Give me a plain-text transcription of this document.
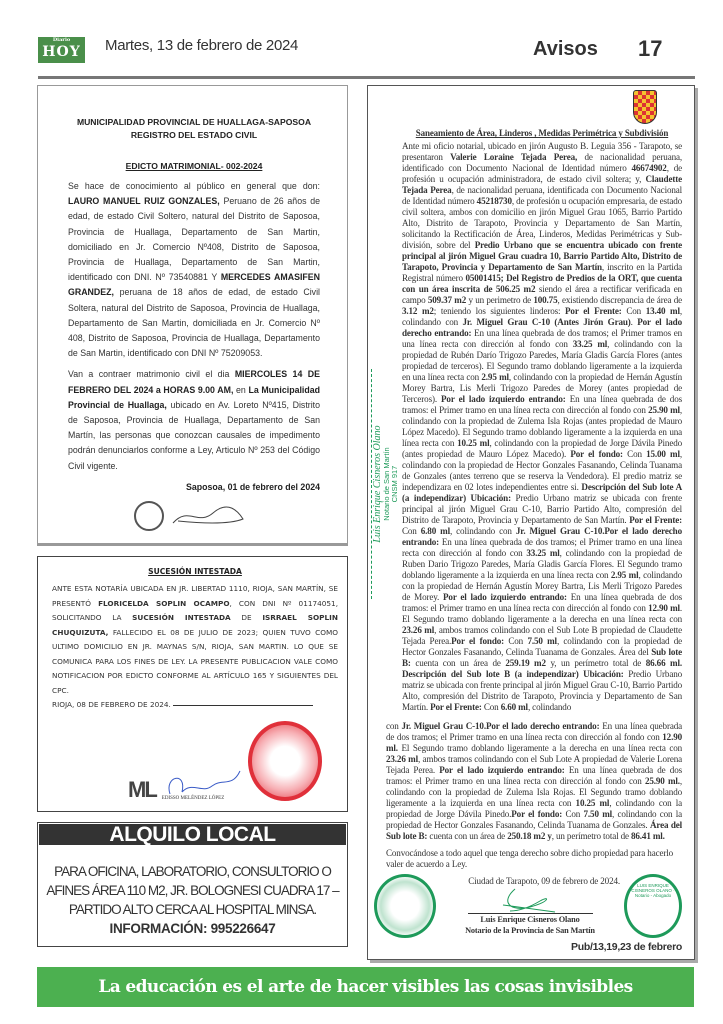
Diario
HOY Martes, 13 de febrero de 2024	Avisos 17
MUNICIPALIDAD PROVINCIAL DE HUALLAGA-SAPOSOA
REGISTRO DEL ESTADO CIVIL
EDICTO MATRIMONIAL- 002-2024
Se hace de conocimiento al público en general que don: LAURO MANUEL RUIZ GONZALES, Peruano de 26 años de edad, de estado Civil Soltero, natural del Distrito de Saposoa, Provincia de Huallaga, Departamento de San Martin, domiciliado en Jr. Comercio Nº408, Distrito de Saposoa, Provincia de Huallaga, Departamento de San Martin, identificado con DNI. Nº 73540881 Y MERCEDES AMASIFEN GRANDEZ, peruana de 18 años de edad, de estado Civil Soltera, natural del Distrito de Saposoa, Provincia de Huallaga, Departamento de San Martin, domiciliada en Jr. Comercio Nº 408, Distrito de Saposoa, Provincia de Huallaga, Departamento de San Martin, identificado con DNI Nº 75209053.
Van a contraer matrimonio civil el dia MIERCOLES 14 DE FEBRERO DEL 2024 a HORAS 9.00 AM, en La Municipalidad Provincial de Huallaga, ubicado en Av. Loreto Nº415, Distrito de Saposoa, Provincia de Huallaga, Departamento de San Martín, las personas que conozcan causales de impedimento podrán denunciarlos conforme a Ley, Articulo Nº 253 del Código Civil vigente.
Saposoa, 01 de febrero del 2024
SUCESIÓN INTESTADA
ANTE ESTA NOTARÍA UBICADA EN JR. LIBERTAD 1110, RIOJA, SAN MARTÍN, SE PRESENTÓ FLORICELDA SOPLIN OCAMPO, CON DNI Nº 01174051, SOLICITANDO LA SUCESIÓN INTESTADA DE ISRRAEL SOPLIN CHUQUIZUTA, FALLECIDO EL 08 DE JULIO DE 2023; QUIEN TUVO COMO ULTIMO DOMICILIO EN JR. MAYNAS S/N, RIOJA, SAN MARTIN. LO QUE SE COMUNICA PARA LOS FINES DE LEY. LA PRESENTE PUBLICACION VALE COMO NOTIFICACION POR EDICTO CONFORME AL ARTÍCULO 165 Y SIGUIENTES DEL CPC.
RIOJA, 08 DE FEBRERO DE 2024.
ML EDISSO MELÉNDEZ LÓPEZ
ALQUILO LOCAL
PARA OFICINA, LABORATORIO, CONSULTORIO O
AFINES ÁREA 110 M2, JR. BOLOGNESI CUADRA 17 –
PARTIDO ALTO CERCA AL HOSPITAL MINSA.
INFORMACIÓN: 995226647
Saneamiento de Área, Linderos , Medidas Perimétrica y Subdivisión
Luis Enrique Cisneros Olano Notario de San Martín CNSM 917
Ante mi oficio notarial, ubicado en jirón Augusto B. Leguia 356 - Tarapoto, se presentaron Valerie Loraine Tejada Perea, de nacionalidad peruana, identificado con Documento Nacional de Identidad número 46674902, de profesión u ocupación administradora, de estado civil soltera; y, Claudette Tejada Perea, de nacionalidad peruana, identificada con Documento Nacional de Identidad número 45218730, de profesión u ocupación empresaria, de estado civil soltera, ambos con domicilio en jirón Miguel Grau 1065, Barrio Partido Alto, Distrito de Tarapoto, Provincia y Departamento de San Martín, solicitando la Rectificación de Área, Linderos, Medidas Perimétricas y Sub-división, sobre del Predio Urbano que se encuentra ubicado con frente principal al jirón Miguel Grau cuadra 10, Barrio Partido Alto, Distrito de Tarapoto, Provincia y Departamento de San Martín, inscrito en la Partida Registral número 05001415; Del Registro de Predios de la ORT, que cuenta con un área inscrita de 506.25 m2 siendo el área a rectificar verificada en campo 509.37 m2 y un perimetro de 100.75, existiendo discrepancia de área de 3.12 m2; teniendo los siguientes linderos: Por el Frente: Con 13.40 ml, colindando con Jr. Miguel Grau C-10 (Antes Jirón Grau). Por el lado derecho entrando: En una línea quebrada de dos tramos; el Primer tramos en una línea recta con dirección al fondo con 33.25 ml, colindando con la propiedad de Rubén Darío Trigozo Paredes, María Gladis García Flores (antes propiedad de terceros). El Segundo tramo doblando ligeramente a la izquierda en una línea recta con 2.95 ml, colindando con la propiedad de Hernán Agustín Morey Bartra, Lis Merli Trigozo Paredes de Morey (antes propiedad de Terceros). Por el lado izquierdo entrando: En una línea quebrada de dos tramos: el Primer tramo en una línea recta con dirección al fondo con 25.90 ml, colindando con la propiedad de Zulema Isla Rojas (antes propiedad de Mauro López Macedo). El Segundo tramo doblando ligeramente a la izquierda en una línea recta con 10.25 ml, colindando con la propiedad de Jorge Dávila Pinedo (antes propiedad de Mauro López Macedo). Por el fondo: Con 15.00 ml, colindando con la propiedad de Hector Gonzales Fasanando, Celinda Tuanama de Gonzales (antes terreno que se reserva la Vendedora). El predio matriz se independizara en 02 lotes independientes entre si. Descripción del Sub lote A (a independizar) Ubicación: Predio Urbano matriz se ubicada con frente principal al jirón Miguel Grau C-10, Barrio Partido Alto, compresión del Distrito de Tarapoto, Provincia y Departamento de San Martín. Por el Frente: Con 6.80 ml, colindando con Jr. Miguel Grau C-10.Por el lado derecho entrando: En una línea quebrada de dos tramos; el Primer tramo en una línea recta con dirección al fondo con 33.25 ml, colindando con la propiedad de Ruben Dario Trigozo Paredes, María Gladis García Flores. El Segundo tramo doblando ligeramente a la izquierda en una línea recta con 2.95 ml, colindando con la propiedad de Hernán Agustín Morey Bartra, Lis Merli Trigozo Paredes de Morey. Por el lado izquierdo entrando: En una línea quebrada de dos tramos: el Primer tramo en una línea recta con dirección al fondo con 12.90 ml. El Segundo tramo doblando ligeramente a la derecha en una línea recta con 23.26 ml, ambos tramos colindando con el Sub Lote B propiedad de Claudette Tejada Perea.Por el fondo: Con 7.50 ml, colindando con la propiedad de Hector Gonzales Fasanando, Celinda Tuanama de Gonzales. Área del Sub lote B: cuenta con un área de 259.19 m2 y, un perímetro total de 86.66 ml. Descripción del Sub lote B (a independizar) Ubicación: Predio Urbano matriz se ubicada con frente principal al jirón Miguel Grau C-10, Barrio Partido Alto, compresión del Distrito de Tarapoto, Provincia y Departamento de San Martín. Por el Frente: Con 6.60 ml, colindando
con Jr. Miguel Grau C-10.Por el lado derecho entrando: En una línea quebrada de dos tramos; el Primer tramo en una línea recta con dirección al fondo con 12.90 ml. El Segundo tramo doblando ligeramente a la derecha en una línea recta con 23.26 ml, ambos tramos colindando con el Sub Lote A propiedad de Valerie Lorena Tejada Perea. Por el lado izquierdo entrando: En una línea quebrada de dos tramos: el Primer tramo en una línea recta con dirección al fondo con 25.90 ml., colindando con la propiedad de Zulema Isla Rojas. El Segundo tramo doblando ligeramente a la izquierda en una línea recta con 10.25 ml, colindando con la propiedad de Jorge Dávila Pinedo.Por el fondo: Con 7.50 ml, colindando con la propiedad de Hector Gonzales Fasanando, Celinda Tuanama de Gonzales. Área del Sub lote B: cuenta con un área de 250.18 m2 y, un perímetro total de 86.41 ml.
Convocándose a todo aquel que tenga derecho sobre dicho propiedad para hacerlo valer de acuerdo a Ley.
Ciudad de Tarapoto, 09 de febrero de 2024.
Luis Enrique Cisneros Olano
Notario de la Provincia de San Martín
LUIS ENRIQUE CISNEROS OLANO · Notario - Abogado
Pub/13,19,23 de febrero
La educación es el arte de hacer visibles las cosas invisibles
